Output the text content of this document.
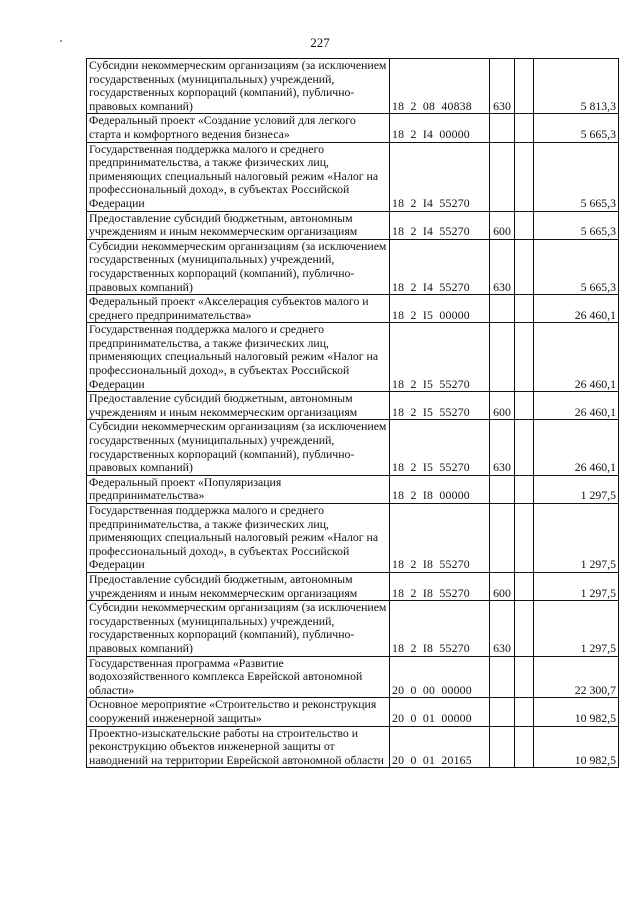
227
Субсидии некоммерческим организациям (за исключением государственных (муниципальных) учреждений, государственных корпораций (компаний), публично-правовых компаний)	18  2  08  40838	630		5 813,3
Федеральный проект «Создание условий для легкого старта и комфортного ведения бизнеса»	18  2  I4  00000			5 665,3
Государственная поддержка малого и среднего предпринимательства, а также физических лиц, применяющих специальный налоговый режим «Налог на профессиональный доход», в субъектах Российской Федерации	18  2  I4  55270			5 665,3
Предоставление субсидий бюджетным, автономным учреждениям и иным некоммерческим организациям	18  2  I4  55270	600		5 665,3
Субсидии некоммерческим организациям (за исключением государственных (муниципальных) учреждений, государственных корпораций (компаний), публично-правовых компаний)	18  2  I4  55270	630		5 665,3
Федеральный проект «Акселерация субъектов малого и среднего предпринимательства»	18  2  I5  00000			26 460,1
Государственная поддержка малого и среднего предпринимательства, а также физических лиц, применяющих специальный налоговый режим «Налог на профессиональный доход», в субъектах Российской Федерации	18  2  I5  55270			26 460,1
Предоставление субсидий бюджетным, автономным учреждениям и иным некоммерческим организациям	18  2  I5  55270	600		26 460,1
Субсидии некоммерческим организациям (за исключением государственных (муниципальных) учреждений, государственных корпораций (компаний), публично-правовых компаний)	18  2  I5  55270	630		26 460,1
Федеральный проект «Популяризация предпринимательства»	18  2  I8  00000			1 297,5
Государственная поддержка малого и среднего предпринимательства, а также физических лиц, применяющих специальный налоговый режим «Налог на профессиональный доход», в субъектах Российской Федерации	18  2  I8  55270			1 297,5
Предоставление субсидий бюджетным, автономным учреждениям и иным некоммерческим организациям	18  2  I8  55270	600		1 297,5
Субсидии некоммерческим организациям (за исключением государственных (муниципальных) учреждений, государственных корпораций (компаний), публично-правовых компаний)	18  2  I8  55270	630		1 297,5
Государственная программа «Развитие водохозяйственного комплекса Еврейской автономной области»	20  0  00  00000			22 300,7
Основное мероприятие «Строительство и реконструкция сооружений инженерной защиты»	20  0  01  00000			10 982,5
Проектно-изыскательские работы на строительство и реконструкцию объектов инженерной защиты от наводнений на территории Еврейской автономной области	20  0  01  20165			10 982,5
